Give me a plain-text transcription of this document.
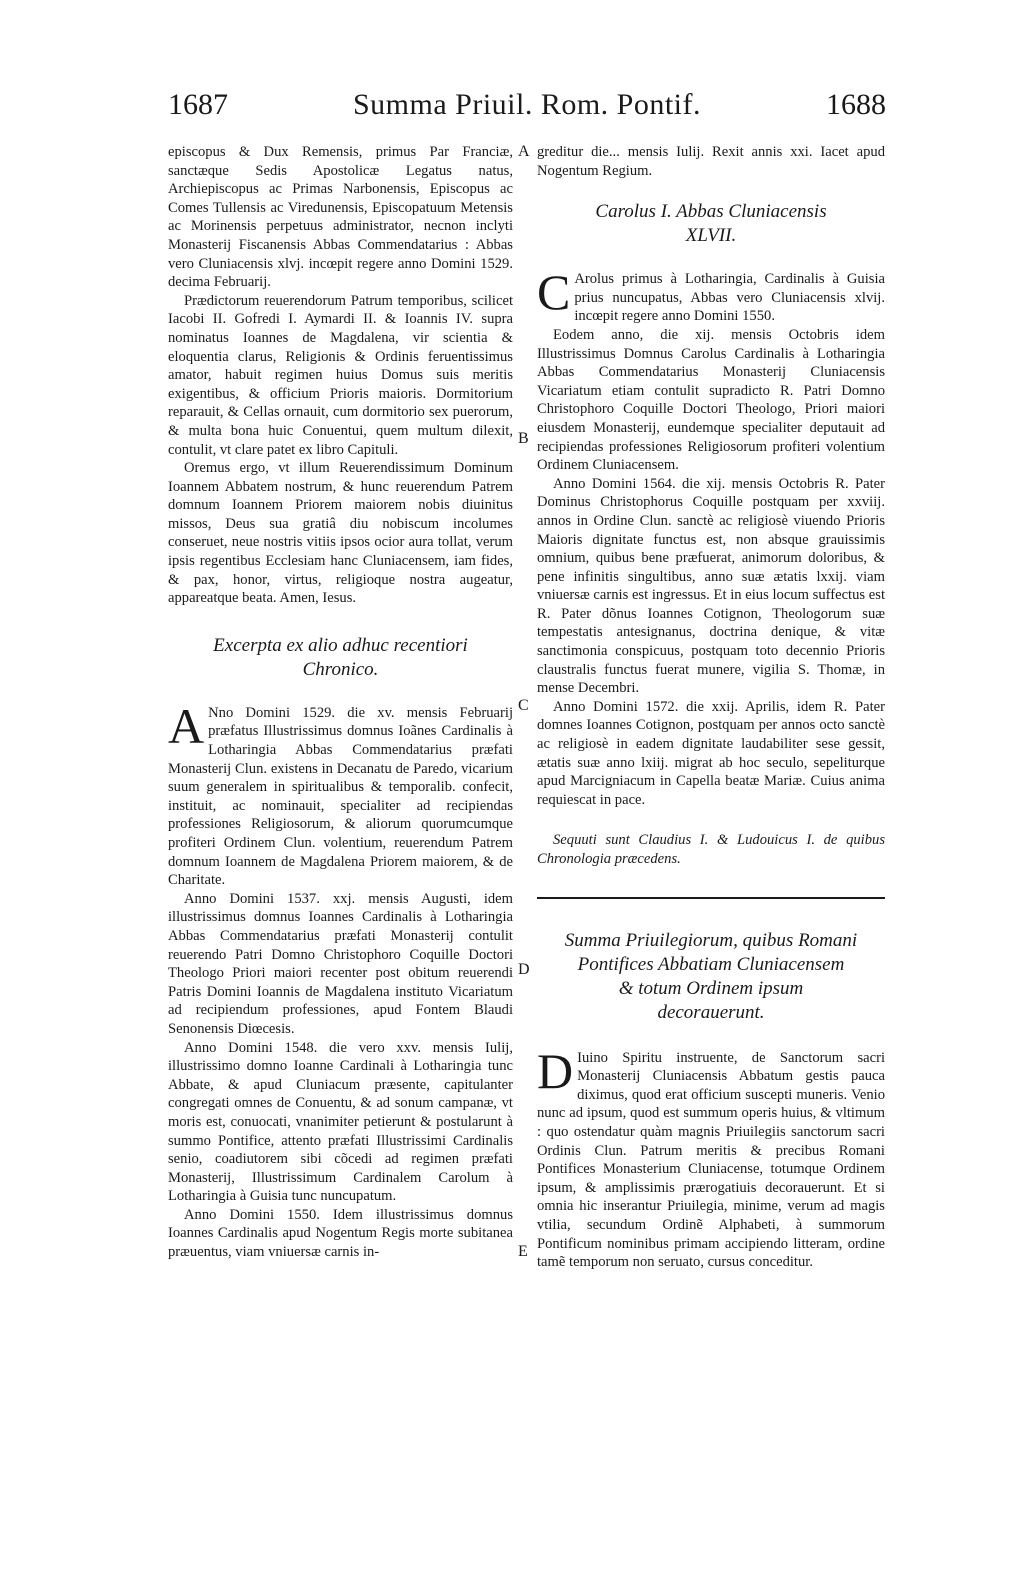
1687	Summa Priuil. Rom. Pontif.	1688
A
B
C
D
E

episcopus & Dux Remensis, primus Par Franciæ, sanctæque Sedis Apostolicæ Legatus natus, Archiepiscopus ac Primas Narbonensis, Episcopus ac Comes Tullensis ac Viredunensis, Episcopatuum Metensis ac Morinensis perpetuus administrator, necnon inclyti Monasterij Fiscanensis Abbas Commendatarius : Abbas vero Cluniacensis xlvj. incœpit regere anno Domini 1529. decima Februarij.

Prædictorum reuerendorum Patrum temporibus, scilicet Iacobi II. Gofredi I. Aymardi II. & Ioannis IV. supra nominatus Ioannes de Magdalena, vir scientia & eloquentia clarus, Religionis & Ordinis feruentissimus amator, habuit regimen huius Domus suis meritis exigentibus, & officium Prioris maioris. Dormitorium reparauit, & Cellas ornauit, cum dormitorio sex puerorum, & multa bona huic Conuentui, quem multum dilexit, contulit, vt clare patet ex libro Capituli.

Oremus ergo, vt illum Reuerendissimum Dominum Ioannem Abbatem nostrum, & hunc reuerendum Patrem domnum Ioannem Priorem maiorem nobis diuinitus missos, Deus sua gratiâ diu nobiscum incolumes conseruet, neue nostris vitiis ipsos ocior aura tollat, verum ipsis regentibus Ecclesiam hanc Cluniacensem, iam fides, & pax, honor, virtus, religioque nostra augeatur, appareatque beata. Amen, Iesus.

Excerpta ex alio adhuc recentiori
Chronico.

A Nno Domini 1529. die xv. mensis Februarij præfatus Illustrissimus domnus Ioãnes Cardinalis à Lotharingia Abbas Commendatarius præfati Monasterij Clun. existens in Decanatu de Paredo, vicarium suum generalem in spiritualibus & temporalib. confecit, instituit, ac nominauit, specialiter ad recipiendas professiones Religiosorum, & aliorum quorumcumque profiteri Ordinem Clun. volentium, reuerendum Patrem domnum Ioannem de Magdalena Priorem maiorem, & de Charitate.

Anno Domini 1537. xxj. mensis Augusti, idem illustrissimus domnus Ioannes Cardinalis à Lotharingia Abbas Commendatarius præfati Monasterij contulit reuerendo Patri Domno Christophoro Coquille Doctori Theologo Priori maiori recenter post obitum reuerendi Patris Domini Ioannis de Magdalena instituto Vicariatum ad recipiendum professiones, apud Fontem Blaudi Senonensis Diœcesis.

Anno Domini 1548. die vero xxv. mensis Iulij, illustrissimo domno Ioanne Cardinali à Lotharingia tunc Abbate, & apud Cluniacum præsente, capitulanter congregati omnes de Conuentu, & ad sonum campanæ, vt moris est, conuocati, vnanimiter petierunt & postularunt à summo Pontifice, attento præfati Illustrissimi Cardinalis senio, coadiutorem sibi cõcedi ad regimen præfati Monasterij, Illustrissimum Cardinalem Carolum à Lotharingia à Guisia tunc nuncupatum.

Anno Domini 1550. Idem illustrissimus domnus Ioannes Cardinalis apud Nogentum Regis morte subitanea præuentus, viam vniuersæ carnis in-

greditur die... mensis Iulij. Rexit annis xxi. Iacet apud Nogentum Regium.

Carolus I. Abbas Cluniacensis
XLVII.

C Arolus primus à Lotharingia, Cardinalis à Guisia prius nuncupatus, Abbas vero Cluniacensis xlvij. incœpit regere anno Domini 1550.

Eodem anno, die xij. mensis Octobris idem Illustrissimus Domnus Carolus Cardinalis à Lotharingia Abbas Commendatarius Monasterij Cluniacensis Vicariatum etiam contulit supradicto R. Patri Domno Christophoro Coquille Doctori Theologo, Priori maiori eiusdem Monasterij, eundemque specialiter deputauit ad recipiendas professiones Religiosorum profiteri volentium Ordinem Cluniacensem.

Anno Domini 1564. die xij. mensis Octobris R. Pater Dominus Christophorus Coquille postquam per xxviij. annos in Ordine Clun. sanctè ac religiosè viuendo Prioris Maioris dignitate functus est, non absque grauissimis omnium, quibus bene præfuerat, animorum doloribus, & pene infinitis singultibus, anno suæ ætatis lxxij. viam vniuersæ carnis est ingressus. Et in eius locum suffectus est R. Pater dõnus Ioannes Cotignon, Theologorum suæ tempestatis antesignanus, doctrina denique, & vitæ sanctimonia conspicuus, postquam toto decennio Prioris claustralis functus fuerat munere, vigilia S. Thomæ, in mense Decembri.

Anno Domini 1572. die xxij. Aprilis, idem R. Pater domnes Ioannes Cotignon, postquam per annos octo sanctè ac religiosè in eadem dignitate laudabiliter sese gessit, ætatis suæ anno lxiij. migrat ab hoc seculo, sepeliturque apud Marcigniacum in Capella beatæ Mariæ. Cuius anima requiescat in pace.

Sequuti sunt Claudius I. & Ludouicus I. de quibus Chronologia præcedens.

Summa Priuilegiorum, quibus Romani
Pontifices Abbatiam Cluniacensem
& totum Ordinem ipsum
decorauerunt.

D Iuino Spiritu instruente, de Sanctorum sacri Monasterij Cluniacensis Abbatum gestis pauca diximus, quod erat officium suscepti muneris. Venio nunc ad ipsum, quod est summum operis huius, & vltimum : quo ostendatur quàm magnis Priuilegiis sanctorum sacri Ordinis Clun. Patrum meritis & precibus Romani Pontifices Monasterium Cluniacense, totumque Ordinem ipsum, & amplissimis prærogatiuis decorauerunt. Et si omnia hic inserantur Priuilegia, minime, verum ad magis vtilia, secundum Ordinẽ Alphabeti, à summorum Pontificum nominibus primam accipiendo litteram, ordine tamẽ temporum non seruato, cursus conceditur.
